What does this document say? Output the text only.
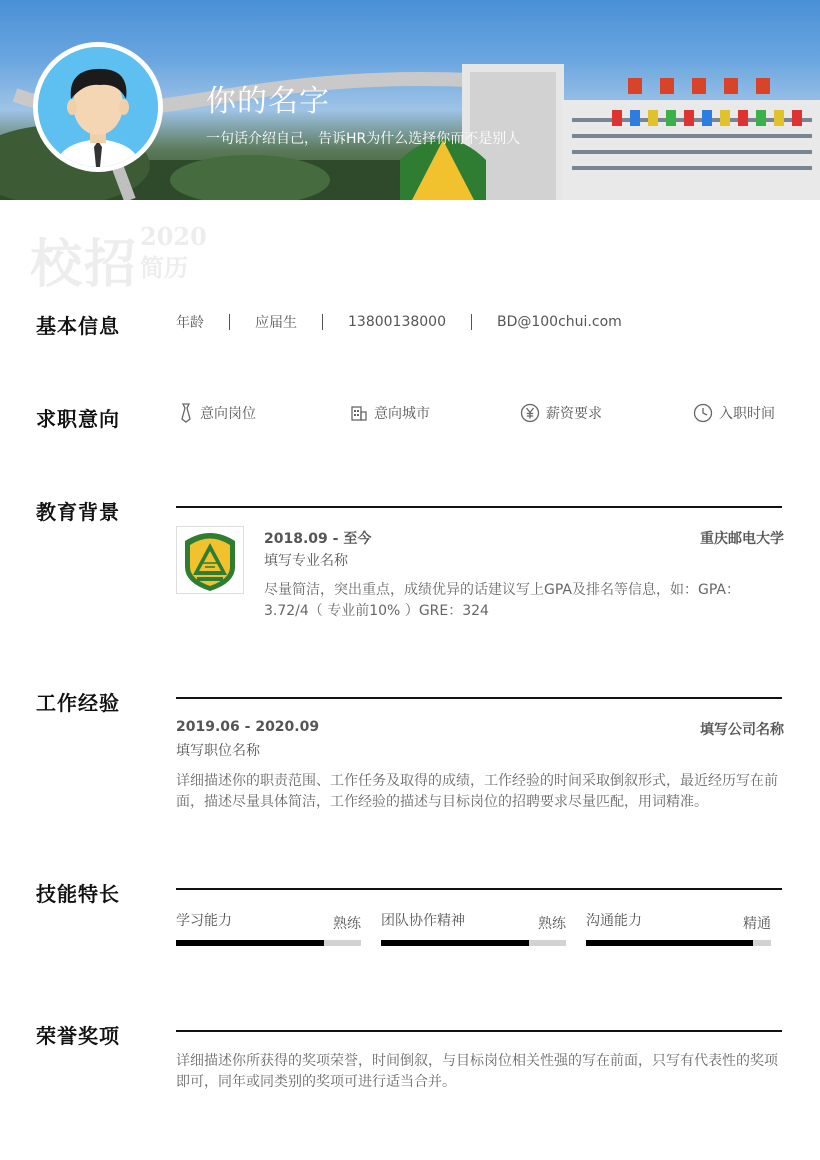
你的名字
一句话介绍自己，告诉HR为什么选择你而不是别人
校招 2020
简历
基本信息	年龄	应届生	13800138000	BD@100chui.com
求职意向	意向岗位	意向城市	薪资要求	入职时间
教育背景
2018.09 - 至今	重庆邮电大学
填写专业名称
尽量简洁，突出重点，成绩优异的话建议写上GPA及排名等信息，如：GPA：3.72/4（ 专业前10% ）GRE：324
工作经验
2019.06 - 2020.09	填写公司名称
填写职位名称
详细描述你的职责范围、工作任务及取得的成绩，工作经验的时间采取倒叙形式，最近经历写在前面，描述尽量具体简洁，工作经验的描述与目标岗位的招聘要求尽量匹配，用词精准。
技能特长
学习能力	熟练 团队协作精神	熟练 沟通能力	精通
荣誉奖项
详细描述你所获得的奖项荣誉，时间倒叙，与目标岗位相关性强的写在前面，只写有代表性的奖项即可，同年或同类别的奖项可进行适当合并。
